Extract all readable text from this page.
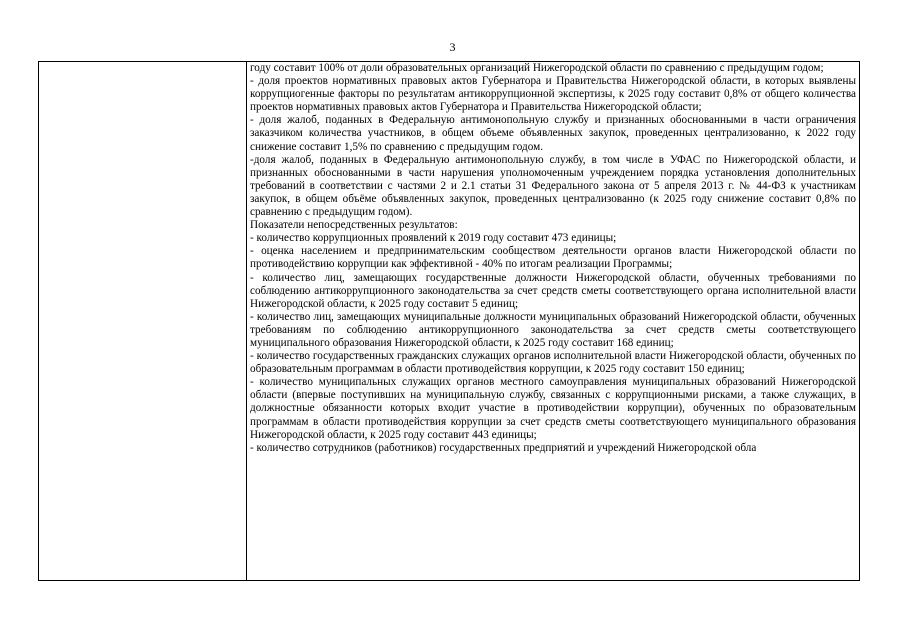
3

году составит 100% от доли образовательных организаций Нижегородской области по сравнению с предыдущим годом;

- доля проектов нормативных правовых актов Губернатора и Правительства Нижегородской области, в которых выявлены коррупциогенные факторы по результатам антикоррупционной экспертизы, к 2025 году составит 0,8% от общего количества проектов нормативных правовых актов Губернатора и Правительства Нижегородской области;

- доля жалоб, поданных в Федеральную антимонопольную службу и признанных обоснованными в части ограничения заказчиком количества участников, в общем объеме объявленных закупок, проведенных централизованно, к 2022 году снижение составит 1,5% по сравнению с предыдущим годом.

-доля жалоб, поданных в Федеральную антимонопольную службу, в том числе в УФАС по Нижегородской области, и признанных обоснованными в части нарушения уполномоченным учреждением порядка установления дополнительных требований в соответствии с частями 2 и 2.1 статьи 31 Федерального закона от 5 апреля 2013 г. № 44-ФЗ к участникам закупок, в общем объёме объявленных закупок, проведенных централизованно (к 2025 году снижение составит 0,8% по сравнению с предыдущим годом).

Показатели непосредственных результатов:

- количество коррупционных проявлений к 2019 году составит 473 единицы;

- оценка населением и предпринимательским сообществом деятельности органов власти Нижегородской области по противодействию коррупции как эффективной - 40% по итогам реализации Программы;

- количество лиц, замещающих государственные должности Нижегородской области, обученных требованиями по соблюдению антикоррупционного законодательства за счет средств сметы соответствующего органа исполнительной власти Нижегородской области, к 2025 году составит 5 единиц;

- количество лиц, замещающих муниципальные должности муниципальных образований Нижегородской области, обученных требованиям по соблюдению антикоррупционного законодательства за счет средств сметы соответствующего муниципального образования Нижегородской области, к 2025 году составит 168 единиц;

- количество государственных гражданских служащих органов исполнительной власти Нижегородской области, обученных по образовательным программам в области противодействия коррупции, к 2025 году составит 150 единиц;

- количество муниципальных служащих органов местного самоуправления муниципальных образований Нижегородской области (впервые поступивших на муниципальную службу, связанных с коррупционными рисками, а также служащих, в должностные обязанности которых входит участие в противодействии коррупции), обученных по образовательным программам в области противодействия коррупции за счет средств сметы соответствующего муниципального образования Нижегородской области, к 2025 году составит 443 единицы;

- количество сотрудников (работников) государственных предприятий и учреждений Нижегородской обла
